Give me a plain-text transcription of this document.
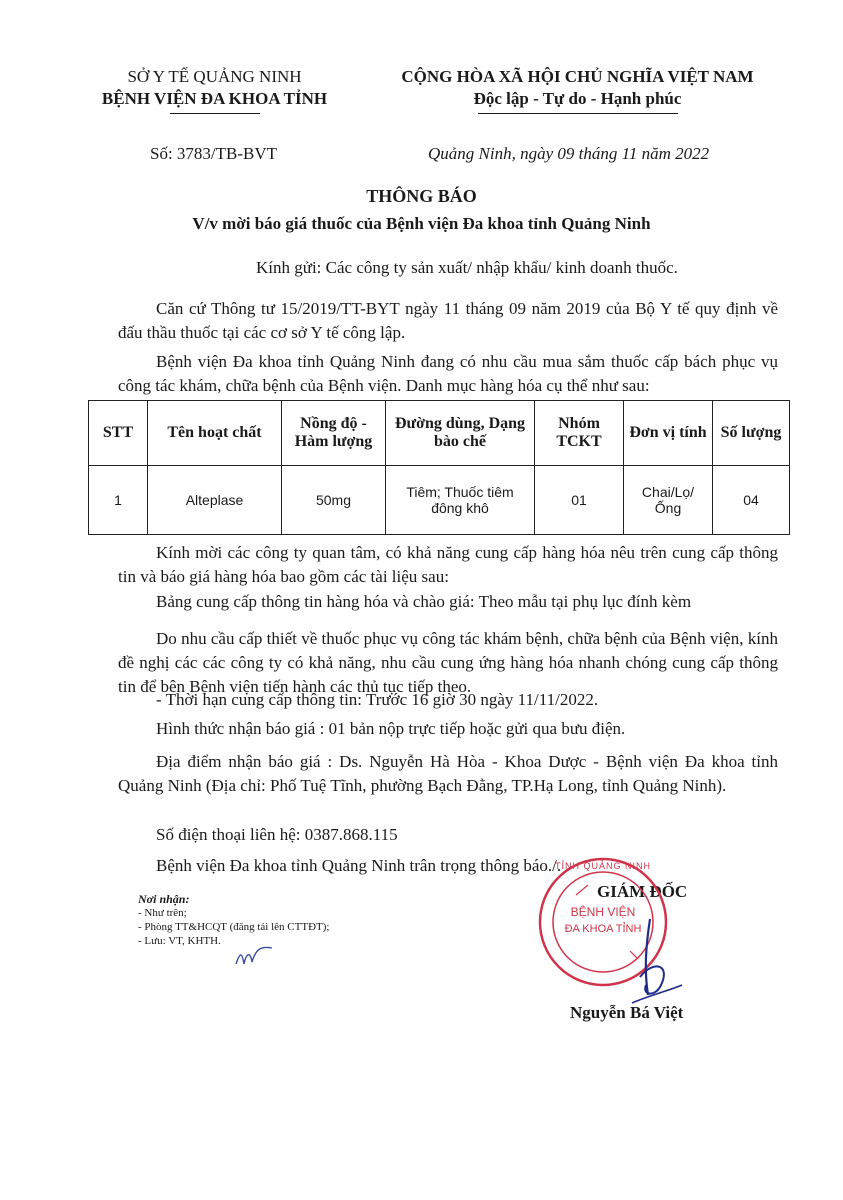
SỞ Y TẾ QUẢNG NINH
BỆNH VIỆN ĐA KHOA TỈNH
CỘNG HÒA XÃ HỘI CHỦ NGHĨA VIỆT NAM
Độc lập - Tự do - Hạnh phúc
Số: 3783/TB-BVT	Quảng Ninh, ngày 09 tháng 11 năm 2022
THÔNG BÁO
V/v mời báo giá thuốc của Bệnh viện Đa khoa tỉnh Quảng Ninh
Kính gửi: Các công ty sản xuất/ nhập khẩu/ kinh doanh thuốc.
Căn cứ Thông tư 15/2019/TT-BYT ngày 11 tháng 09 năm 2019 của Bộ Y tế quy định về đấu thầu thuốc tại các cơ sở Y tế công lập.
Bệnh viện Đa khoa tỉnh Quảng Ninh đang có nhu cầu mua sắm thuốc cấp bách phục vụ công tác khám, chữa bệnh của Bệnh viện. Danh mục hàng hóa cụ thể như sau:
STT	Tên hoạt chất	Nồng độ - Hàm lượng	Đường dùng, Dạng bào chế	Nhóm TCKT	Đơn vị tính	Số lượng
1	Alteplase	50mg	Tiêm; Thuốc tiêm đông khô	01	Chai/Lọ/ Ống	04
Kính mời các công ty quan tâm, có khả năng cung cấp hàng hóa nêu trên cung cấp thông tin và báo giá hàng hóa bao gồm các tài liệu sau:
Bảng cung cấp thông tin hàng hóa và chào giá: Theo mẫu tại phụ lục đính kèm
Do nhu cầu cấp thiết về thuốc phục vụ công tác khám bệnh, chữa bệnh của Bệnh viện, kính đề nghị các các công ty có khả năng, nhu cầu cung ứng hàng hóa nhanh chóng cung cấp thông tin để bên Bệnh viện tiến hành các thủ tục tiếp theo.
- Thời hạn cung cấp thông tin: Trước 16 giờ 30 ngày 11/11/2022.
Hình thức nhận báo giá : 01 bản nộp trực tiếp hoặc gửi qua bưu điện.
Địa điểm nhận báo giá : Ds. Nguyễn Hà Hòa - Khoa Dược - Bệnh viện Đa khoa tỉnh Quảng Ninh (Địa chỉ: Phố Tuệ Tĩnh, phường Bạch Đằng, TP.Hạ Long, tỉnh Quảng Ninh).
Số điện thoại liên hệ: 0387.868.115
Bệnh viện Đa khoa tỉnh Quảng Ninh trân trọng thông báo./.
Nơi nhận:
- Như trên;
- Phòng TT&HCQT (đăng tải lên CTTĐT);
- Lưu: VT, KHTH.
GIÁM ĐỐC
TỈNH QUẢNG NINH
BỆNH VIỆN
ĐA KHOA TỈNH
Nguyễn Bá Việt
